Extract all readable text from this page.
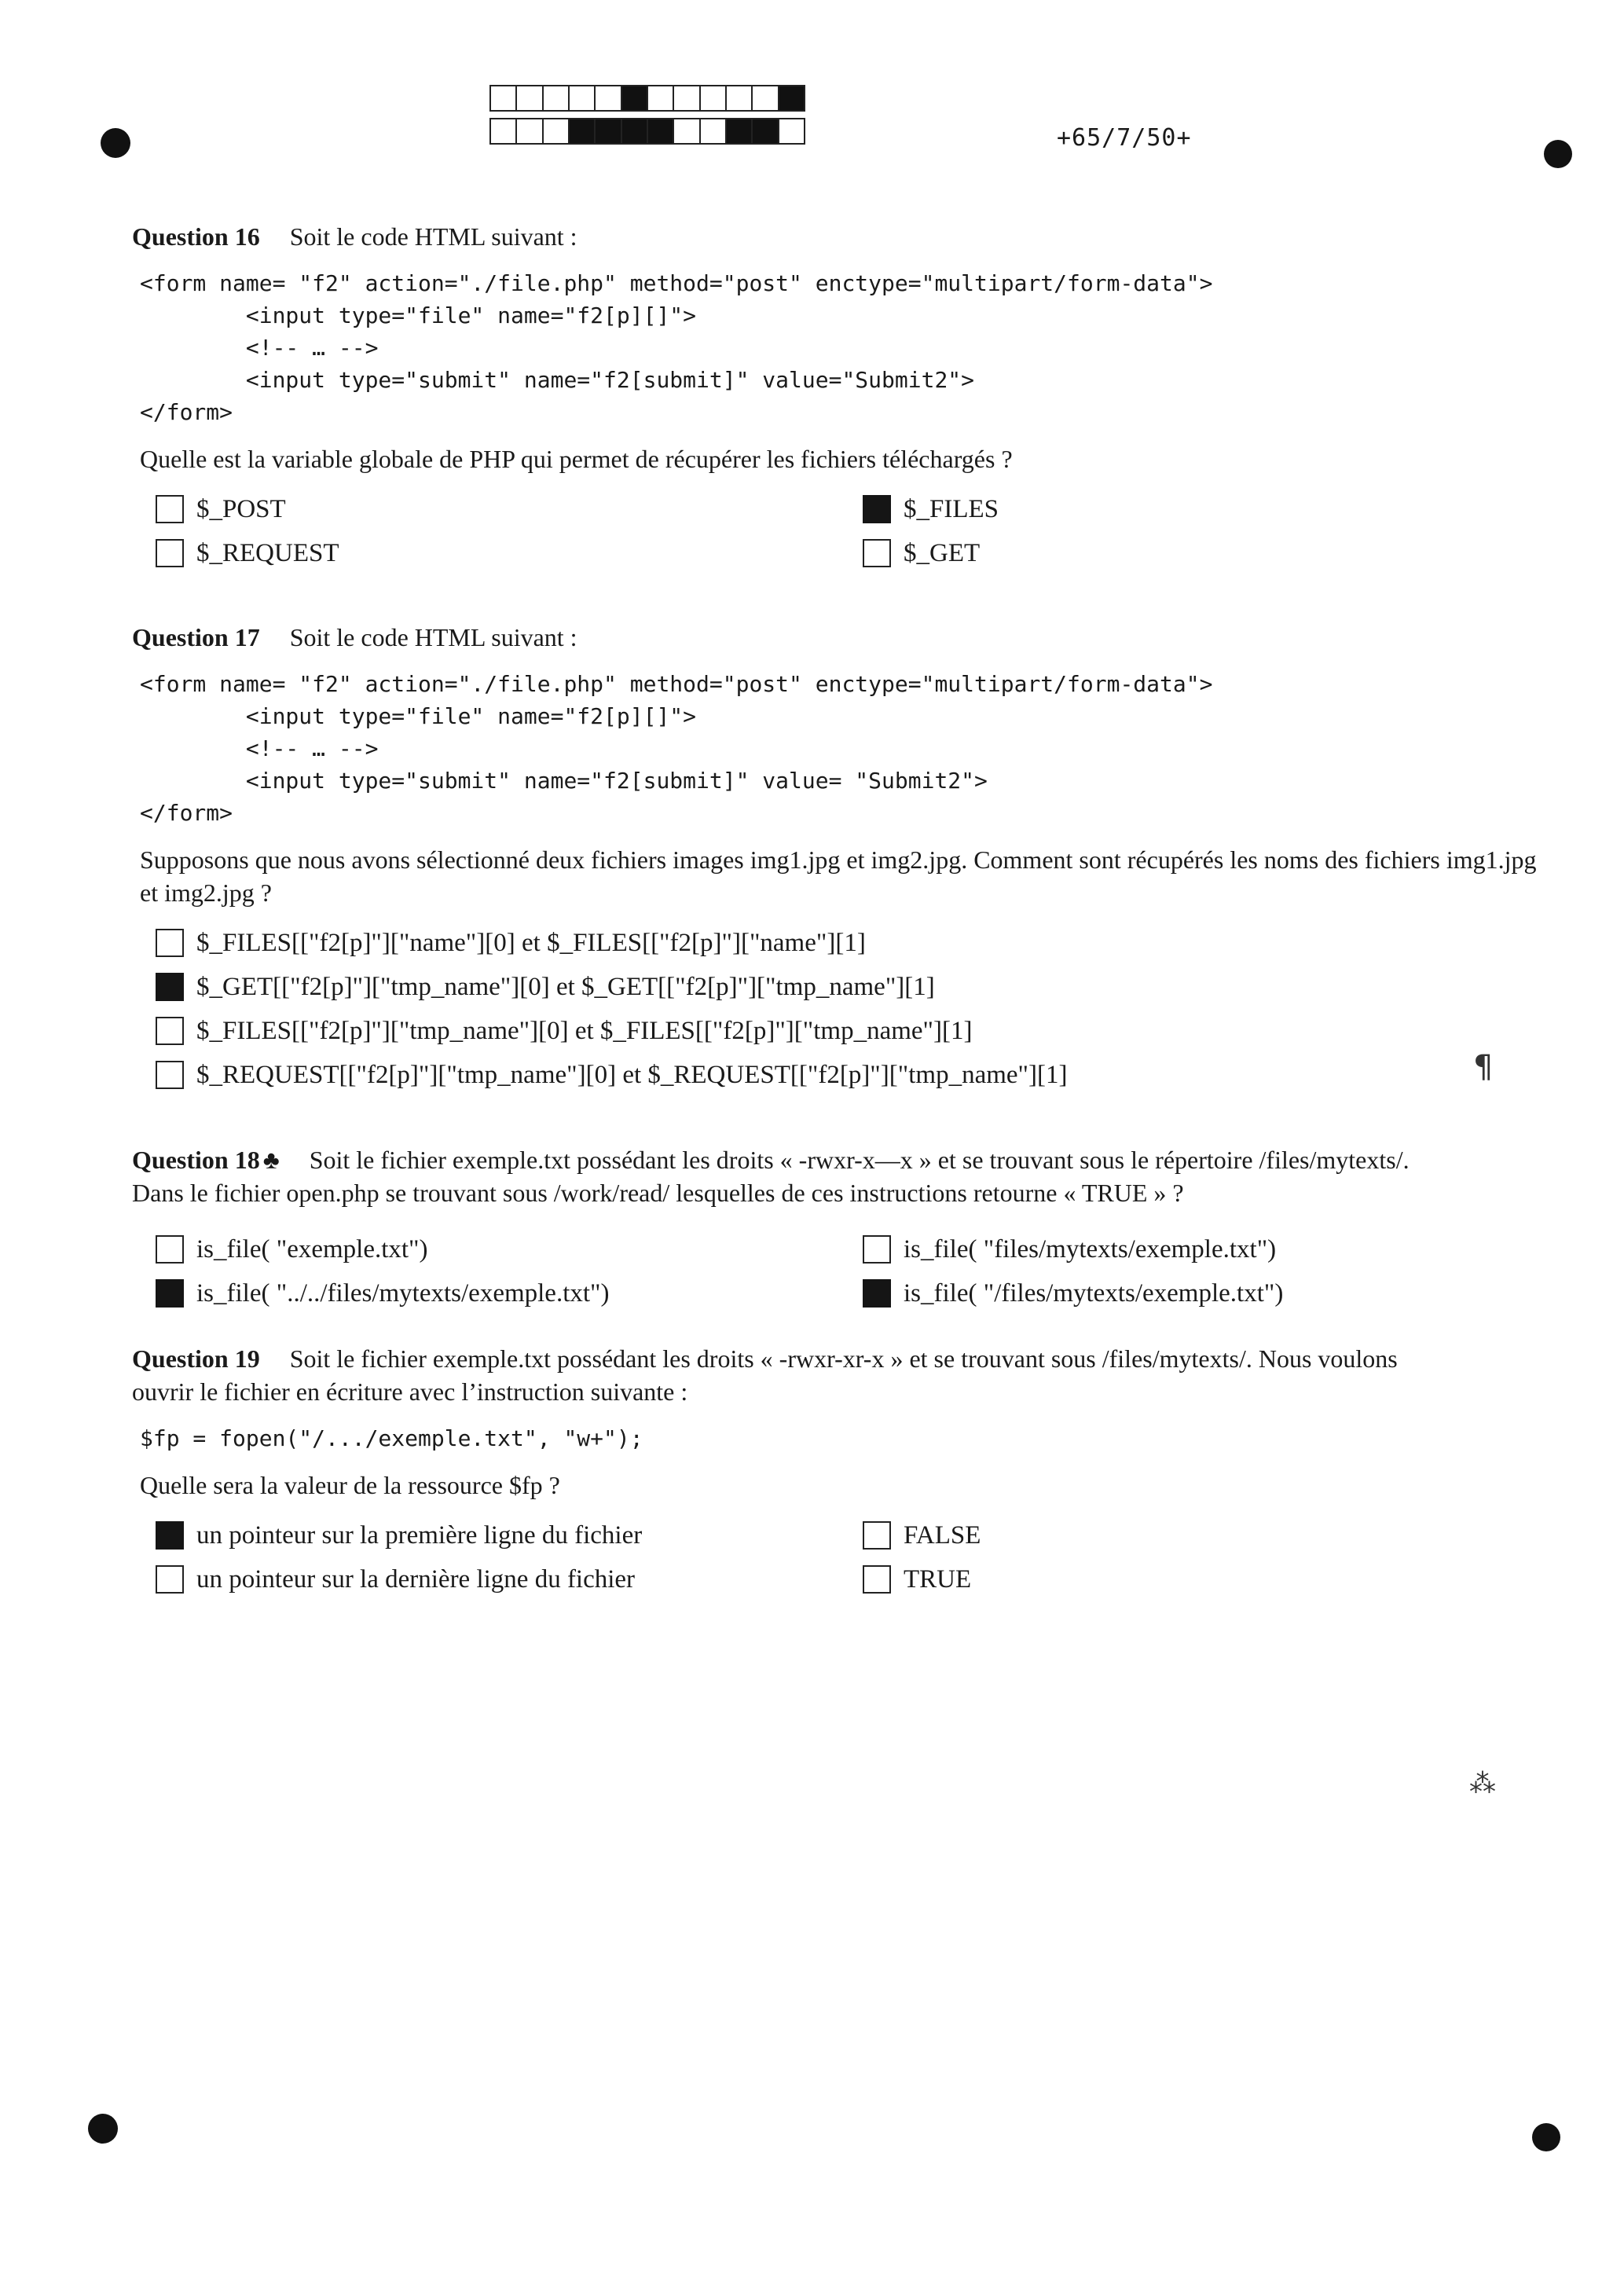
+65/7/50+
Question 16 Soit le code HTML suivant :
<form name= "f2" action="./file.php" method="post" enctype="multipart/form-data">
<input type="file" name="f2[p][]">
<!-- … -->
<input type="submit" name="f2[submit]" value="Submit2">
</form>
Quelle est la variable globale de PHP qui permet de récupérer les fichiers téléchargés ?
$_POST	$_FILES
$_REQUEST	$_GET
Question 17 Soit le code HTML suivant :
<form name= "f2" action="./file.php" method="post" enctype="multipart/form-data">
<input type="file" name="f2[p][]">
<!-- … -->
<input type="submit" name="f2[submit]" value= "Submit2">
</form>
Supposons que nous avons sélectionné deux fichiers images img1.jpg et img2.jpg. Comment sont récupérés les noms des fichiers img1.jpg et img2.jpg ?
$_FILES[["f2[p]"]["name"][0] et $_FILES[["f2[p]"]["name"][1]
$_GET[["f2[p]"]["tmp_name"][0] et $_GET[["f2[p]"]["tmp_name"][1]
$_FILES[["f2[p]"]["tmp_name"][0] et $_FILES[["f2[p]"]["tmp_name"][1]
$_REQUEST[["f2[p]"]["tmp_name"][0] et $_REQUEST[["f2[p]"]["tmp_name"][1]
Question 18 ♣ Soit le fichier exemple.txt possédant les droits « -rwxr-x—x » et se trouvant sous le répertoire /files/mytexts/.
Dans le fichier open.php se trouvant sous /work/read/ lesquelles de ces instructions retourne « TRUE » ?
is_file( "exemple.txt")	is_file( "files/mytexts/exemple.txt")
is_file( "../../files/mytexts/exemple.txt")	is_file( "/files/mytexts/exemple.txt")
Question 19 Soit le fichier exemple.txt possédant les droits « -rwxr-xr-x » et se trouvant sous /files/mytexts/. Nous voulons
ouvrir le fichier en écriture avec l’instruction suivante :
$fp = fopen("/.../exemple.txt", "w+");
Quelle sera la valeur de la ressource $fp ?
un pointeur sur la première ligne du fichier	FALSE
un pointeur sur la dernière ligne du fichier	TRUE
¶
⁂
